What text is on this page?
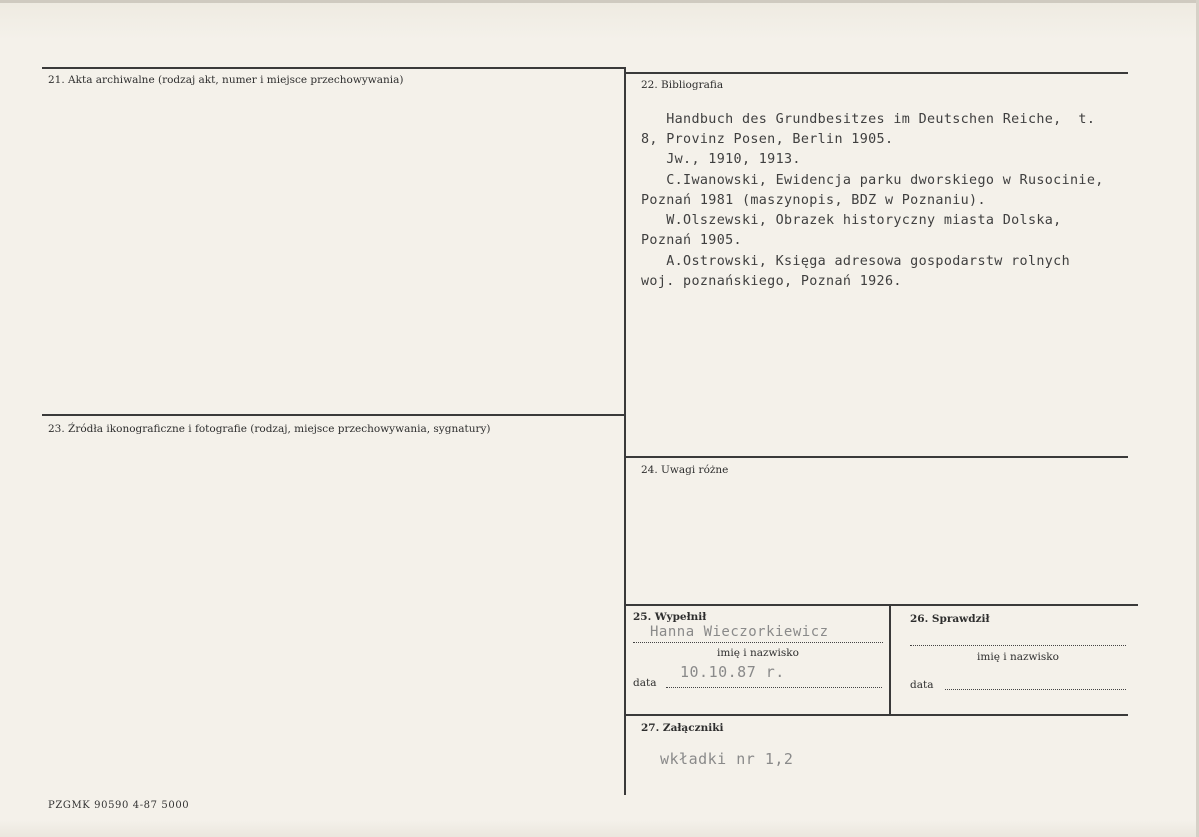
21. Akta archiwalne (rodzaj akt, numer i miejsce przechowywania)	22. Bibliografia
Handbuch des Grundbesitzes im Deutschen Reiche,  t.
8, Provinz Posen, Berlin 1905.
Jw., 1910, 1913.
C.Iwanowski, Ewidencja parku dworskiego w Rusocinie,
Poznań 1981 (maszynopis, BDZ w Poznaniu).
W.Olszewski, Obrazek historyczny miasta Dolska,
Poznań 1905.
A.Ostrowski, Księga adresowa gospodarstw rolnych
woj. poznańskiego, Poznań 1926.
23. Źródła ikonograficzne i fotografie (rodzaj, miejsce przechowywania, sygnatury)
24. Uwagi różne
25. Wypełnił
Hanna Wieczorkiewicz
imię i nazwisko
10.10.87 r.
data
26. Sprawdził
imię i nazwisko
data
27. Załączniki
wkładki nr 1,2
PZGMK 90590 4-87 5000
